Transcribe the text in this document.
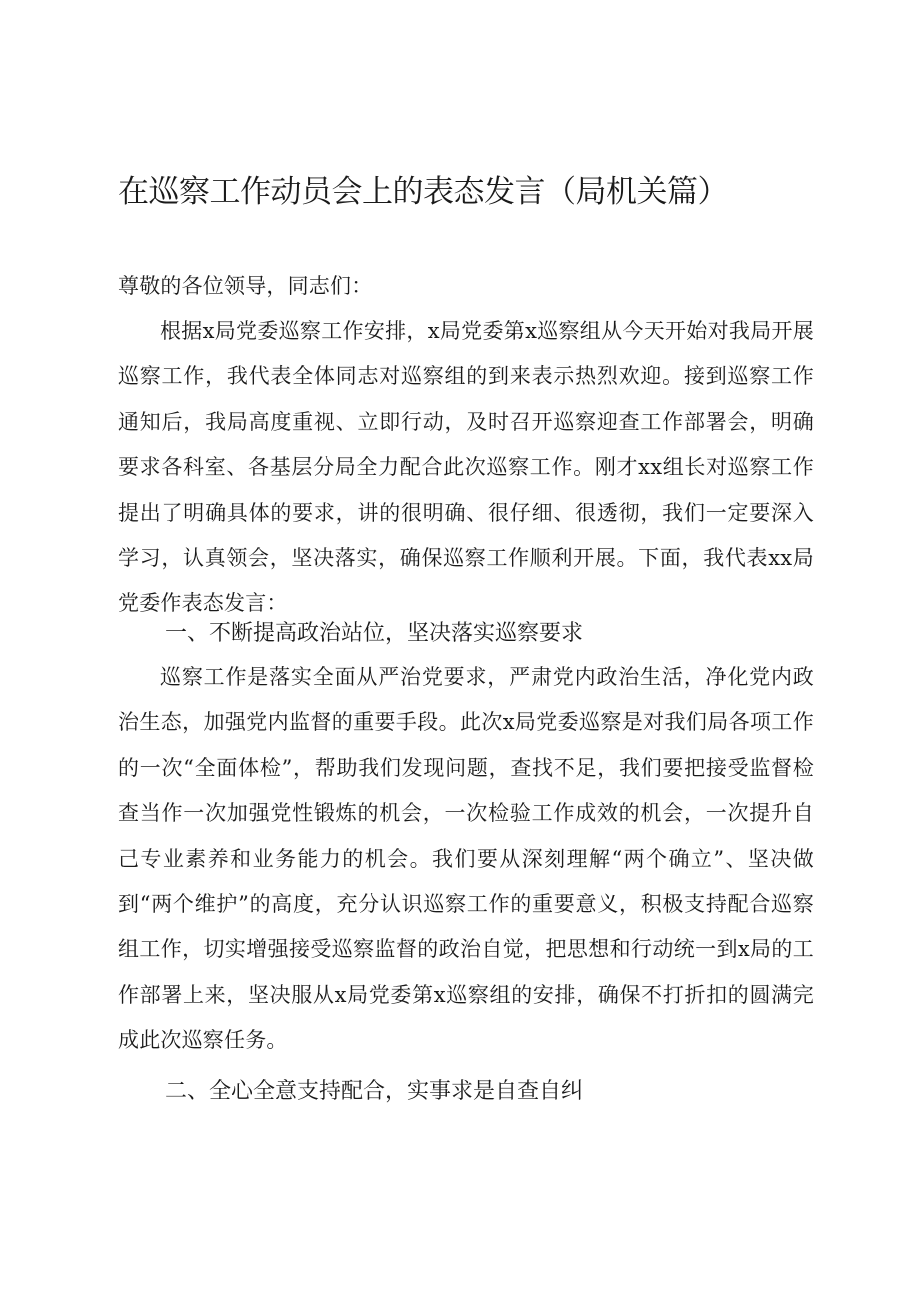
在巡察工作动员会上的表态发言（局机关篇）

尊敬的各位领导，同志们：

根据x局党委巡察工作安排，x局党委第x巡察组从今天开始对我局开展巡察工作，我代表全体同志对巡察组的到来表示热烈欢迎。接到巡察工作通知后，我局高度重视、立即行动，及时召开巡察迎查工作部署会，明确要求各科室、各基层分局全力配合此次巡察工作。刚才xx组长对巡察工作提出了明确具体的要求，讲的很明确、很仔细、很透彻，我们一定要深入学习，认真领会，坚决落实，确保巡察工作顺利开展。下面，我代表xx局党委作表态发言：

一、不断提高政治站位，坚决落实巡察要求

巡察工作是落实全面从严治党要求，严肃党内政治生活，净化党内政治生态，加强党内监督的重要手段。此次x局党委巡察是对我们局各项工作的一次“全面体检”，帮助我们发现问题，查找不足，我们要把接受监督检查当作一次加强党性锻炼的机会，一次检验工作成效的机会，一次提升自己专业素养和业务能力的机会。我们要从深刻理解“两个确立”、坚决做到“两个维护”的高度，充分认识巡察工作的重要意义，积极支持配合巡察组工作，切实增强接受巡察监督的政治自觉，把思想和行动统一到x局的工作部署上来，坚决服从x局党委第x巡察组的安排，确保不打折扣的圆满完成此次巡察任务。

二、全心全意支持配合，实事求是自查自纠
